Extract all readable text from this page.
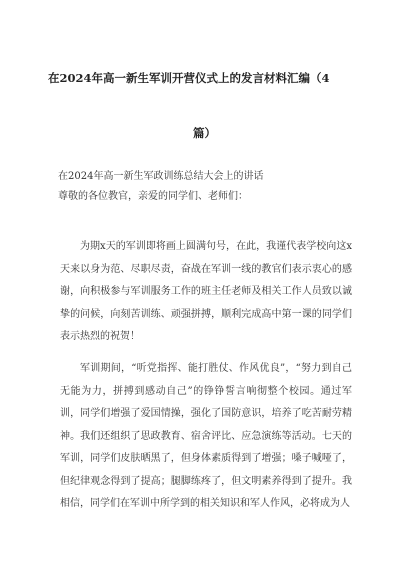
在2024年高一新生军训开营仪式上的发言材料汇编（4
篇）
在2024年高一新生军政训练总结大会上的讲话
尊敬的各位教官，亲爱的同学们、老师们：
为期x天的军训即将画上圆满句号，在此，我谨代表学校向这x天来以身为范、尽职尽责，奋战在军训一线的教官们表示衷心的感谢，向积极参与军训服务工作的班主任老师及相关工作人员致以诚挚的问候，向刻苦训练、顽强拼搏，顺利完成高中第一课的同学们表示热烈的祝贺！
军训期间，“听党指挥、能打胜仗、作风优良”，“努力到自己无能为力，拼搏到感动自己”的铮铮誓言响彻整个校园。通过军训，同学们增强了爱国情操，强化了国防意识，培养了吃苦耐劳精神。我们还组织了思政教育、宿舍评比、应急演练等活动。七天的军训，同学们皮肤晒黑了，但身体素质得到了增强；嗓子喊哑了，但纪律观念得到了提高；腿脚练疼了，但文明素养得到了提升。我相信，同学们在军训中所学到的相关知识和军人作风，必将成为人
